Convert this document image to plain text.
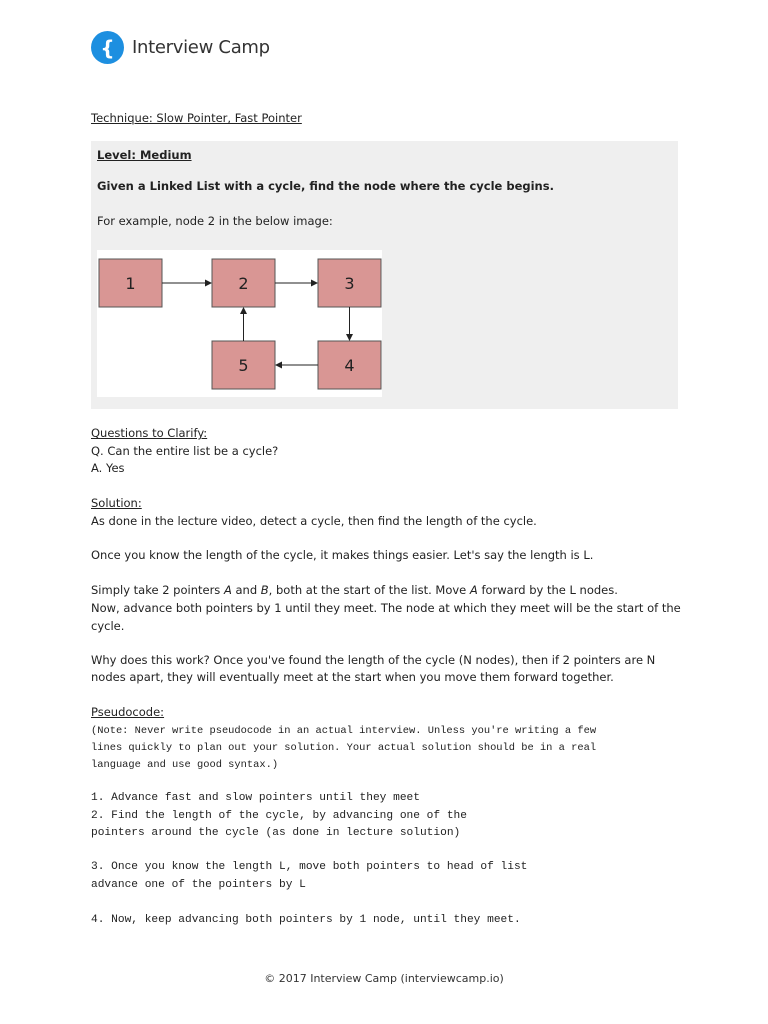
{ Interview Camp
Technique: Slow Pointer, Fast Pointer
Level: Medium
Given a Linked List with a cycle, find the node where the cycle begins.
For example, node 2 in the below image:
1	2	3
4
5
Questions to Clarify:
Q. Can the entire list be a cycle?
A. Yes
Solution:
As done in the lecture video, detect a cycle, then find the length of the cycle.
Once you know the length of the cycle, it makes things easier. Let's say the length is L.
Simply take 2 pointers A and B, both at the start of the list. Move A forward by the L nodes.
Now, advance both pointers by 1 until they meet. The node at which they meet will be the start of the
cycle.
Why does this work? Once you've found the length of the cycle (N nodes), then if 2 pointers are N
nodes apart, they will eventually meet at the start when you move them forward together.
Pseudocode:
(Note: Never write pseudocode in an actual interview. Unless you're writing a few
lines quickly to plan out your solution. Your actual solution should be in a real
language and use good syntax.)
1. Advance fast and slow pointers until they meet
2. Find the length of the cycle, by advancing one of the
pointers around the cycle (as done in lecture solution)
3. Once you know the length L, move both pointers to head of list
advance one of the pointers by L
4. Now, keep advancing both pointers by 1 node, until they meet.
© 2017 Interview Camp (interviewcamp.io)
